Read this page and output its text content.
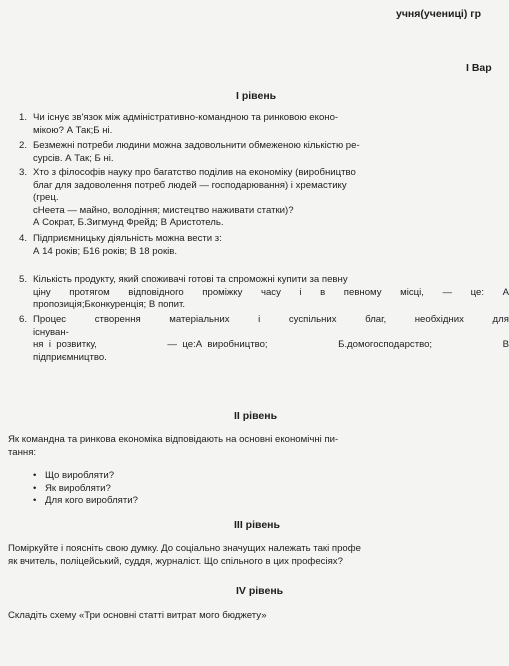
учня(учениці) гр
І Вар
І рівень
1. Чи існує зв'язок між адміністративно-командною та ринковою еконо-
мікою? А Так;Б ні.
2. Безмежні потреби людини можна задовольнити обмеженою кількістю ре-
сурсів. А Так; Б ні.
3. Хто з філософів науку про багатство поділив на економіку (виробництво
благ для задоволення потреб людей — господарювання) і хремастику
(грец.
сНеета — майно, володіння; мистецтво наживати статки)?
А Сократ, Б.Зигмунд Фрейд; В Аристотель.
4. Підприємницьку діяльність можна вести з:
А 14 років; Б16 років; В 18 років.
5. Кількість продукту, який споживачі готові та спроможні купити за певну
ціну протягом відповідного проміжку часу і в певному місці, — це: А
пропозиція;Бконкуренція; В попит.
6. Процес	створення	матеріальних	і	суспільних	благ,	необхідних	для
існуван-
ня  і  розвитку,	—  це:А  виробництво;	Б.домогосподарство;	В
підприємництво.
ІІ рівень
Як командна та ринкова економіка відповідають на основні економічні пи-
тання:
• Що виробляти?
• Як виробляти?
• Для кого виробляти?
ІІІ рівень
Поміркуйте і поясніть свою думку. До соціально значущих належать такі профе
як вчитель, поліцейський, суддя, журналіст. Що спільного в цих професіях?
ІV рівень
Складіть схему «Три основні статті витрат мого бюджету»
